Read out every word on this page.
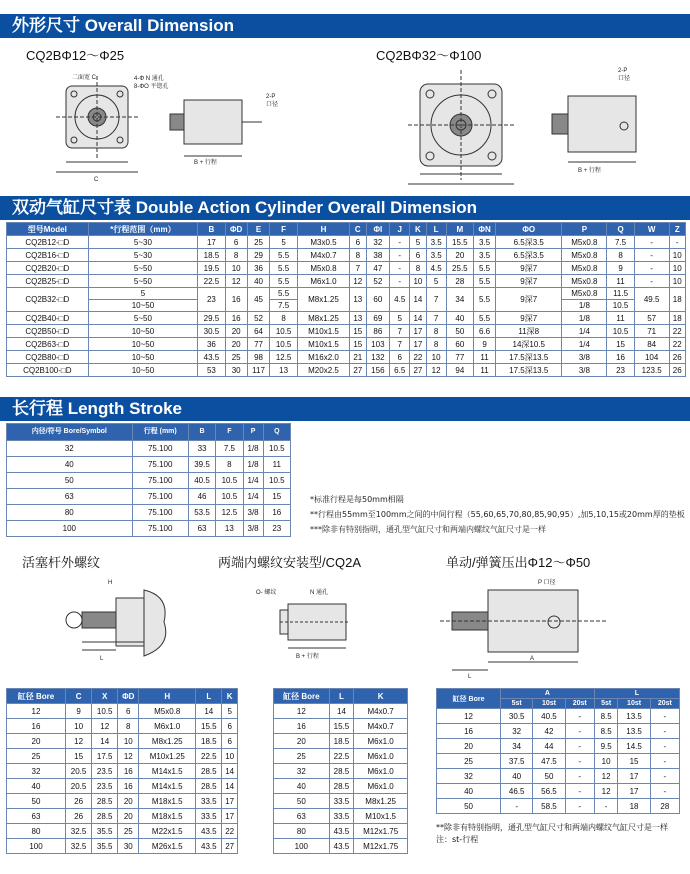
外形尺寸 Overall Dimension
双动气缸尺寸表 Double Action Cylinder Overall Dimension
长行程 Length Stroke
CQ2BΦ12～Φ25	CQ2BΦ32～Φ100
二面宽 C	4-Φ N 通孔
8-ΦO 平锪孔
C
B + 行程
2-P
口径
B + 行程
2-P
口径
型号Model	*行程范围（mm）	B	ΦD	E	F	H	C	ΦI	J	K	L	M	ΦN	ΦO	P	Q	W	Z
CQ2B12-□D	5~30	17	6	25	5	M3x0.5	6	32	-	5	3.5	15.5	3.5	6.5深3.5	M5x0.8	7.5	-	-
CQ2B16-□D	5~30	18.5	8	29	5.5	M4x0.7	8	38	-	6	3.5	20	3.5	6.5深3.5	M5x0.8	8	-	10
CQ2B20-□D	5~50	19.5	10	36	5.5	M5x0.8	7	47	-	8	4.5	25.5	5.5	9深7	M5x0.8	9	-	10
CQ2B25-□D	5~50	22.5	12	40	5.5	M6x1.0	12	52	-	10	5	28	5.5	9深7	M5x0.8	11	-	10
CQ2B32-□D	5	23	16	45	5.5	M8x1.25	13	60	4.5	14	7	34	5.5	9深7	M5x0.8	11.5	49.5	18
	10~50				7.5										1/8	10.5		
CQ2B40-□D	5~50	29.5	16	52	8	M8x1.25	13	69	5	14	7	40	5.5	9深7	1/8	11	57	18
CQ2B50-□D	10~50	30.5	20	64	10.5	M10x1.5	15	86	7	17	8	50	6.6	11深8	1/4	10.5	71	22
CQ2B63-□D	10~50	36	20	77	10.5	M10x1.5	15	103	7	17	8	60	9	14深10.5	1/4	15	84	22
CQ2B80-□D	10~50	43.5	25	98	12.5	M16x2.0	21	132	6	22	10	77	11	17.5深13.5	3/8	16	104	26
CQ2B100-□D	10~50	53	30	117	13	M20x2.5	27	156	6.5	27	12	94	11	17.5深13.5	3/8	23	123.5	26
内径/符号 Bore/Symbol	行程 (mm)	B	F	P	Q
32	75.100	33	7.5	1/8	10.5
40	75.100	39.5	8	1/8	11
50	75.100	40.5	10.5	1/4	10.5
63	75.100	46	10.5	1/4	15
80	75.100	53.5	12.5	3/8	16
100	75.100	63	13	3/8	23
*标准行程是每50mm相隔
**行程由55mm至100mm之间的中间行程（55,60,65,70,80,85,90,95）,加5,10,15或20mm厚的垫板
***除非有特别指明，通孔型气缸尺寸和两端内螺纹气缸尺寸是一样
活塞杆外螺纹	两端内螺纹安装型/CQ2A	单动/弹簧压出Φ12～Φ50
H
L
O- 螺纹	N 通孔
B + 行程
P 口径
A
L
缸径 Bore	C	X	ΦD	H	L	K
12	9	10.5	6	M5x0.8	14	5
16	10	12	8	M6x1.0	15.5	6
20	12	14	10	M8x1.25	18.5	6
25	15	17.5	12	M10x1.25	22.5	10
32	20.5	23.5	16	M14x1.5	28.5	14
40	20.5	23.5	16	M14x1.5	28.5	14
50	26	28.5	20	M18x1.5	33.5	17
63	26	28.5	20	M18x1.5	33.5	17
80	32.5	35.5	25	M22x1.5	43.5	22
100	32.5	35.5	30	M26x1.5	43.5	27
缸径 Bore	L	K
12	14	M4x0.7
16	15.5	M4x0.7
20	18.5	M6x1.0
25	22.5	M6x1.0
32	28.5	M6x1.0
40	28.5	M6x1.0
50	33.5	M8x1.25
63	33.5	M10x1.5
80	43.5	M12x1.75
100	43.5	M12x1.75
缸径 Bore	A			L		
	5st	10st	20st	5st	10st	20st
12	30.5	40.5	-	8.5	13.5	-
16	32	42	-	8.5	13.5	-
20	34	44	-	9.5	14.5	-
25	37.5	47.5	-	10	15	-
32	40	50	-	12	17	-
40	46.5	56.5	-	12	17	-
50	-	58.5	-	-	18	28
**除非有特别指明，通孔型气缸尺寸和两端内螺纹气缸尺寸是一样
注：st-行程
